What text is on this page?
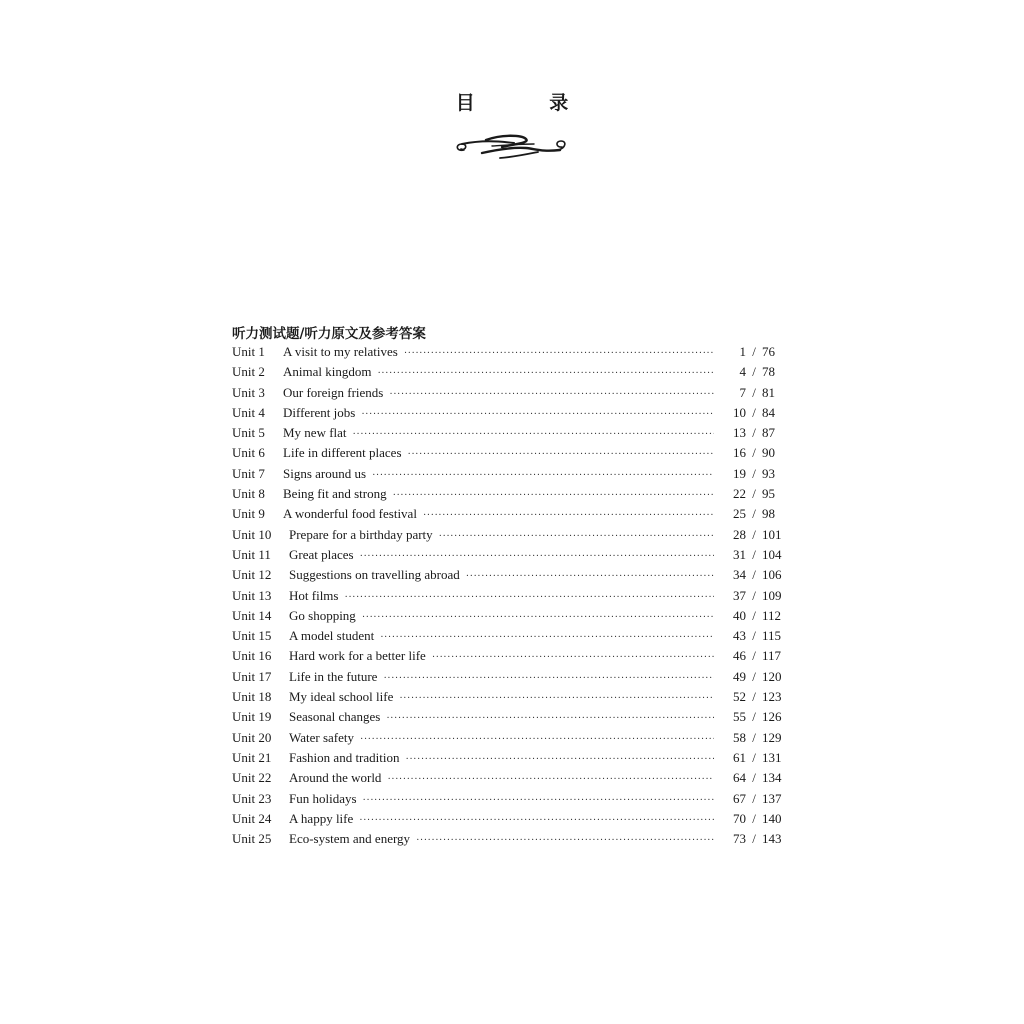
目 录
听力测试题/听力原文及参考答案
Unit 1	A visit to my relatives ·····	1 / 76
Unit 2	Animal kingdom ·····	4 / 78
Unit 3	Our foreign friends ·····	7 / 81
Unit 4	Different jobs ·····	10 / 84
Unit 5	My new flat ·····	13 / 87
Unit 6	Life in different places ·····	16 / 90
Unit 7	Signs around us ·····	19 / 93
Unit 8	Being fit and strong ·····	22 / 95
Unit 9	A wonderful food festival ·····	25 / 98
Unit 10	Prepare for a birthday party ·····	28 / 101
Unit 11	Great places ·····	31 / 104
Unit 12	Suggestions on travelling abroad ·····	34 / 106
Unit 13	Hot films ·····	37 / 109
Unit 14	Go shopping ·····	40 / 112
Unit 15	A model student ·····	43 / 115
Unit 16	Hard work for a better life ·····	46 / 117
Unit 17	Life in the future ·····	49 / 120
Unit 18	My ideal school life ·····	52 / 123
Unit 19	Seasonal changes ·····	55 / 126
Unit 20	Water safety ·····	58 / 129
Unit 21	Fashion and tradition ·····	61 / 131
Unit 22	Around the world ·····	64 / 134
Unit 23	Fun holidays ·····	67 / 137
Unit 24	A happy life ·····	70 / 140
Unit 25	Eco-system and energy ·····	73 / 143
